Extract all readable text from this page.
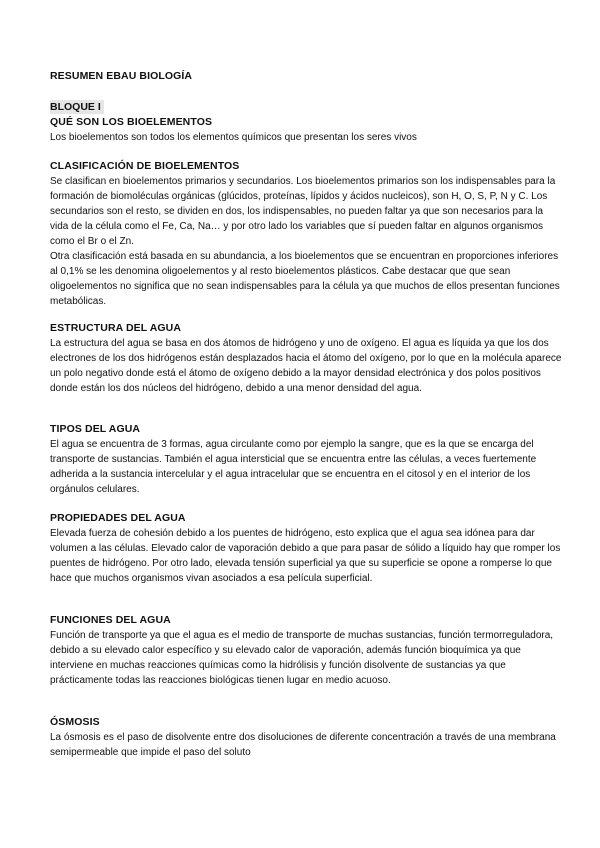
RESUMEN EBAU BIOLOGÍA
BLOQUE I
QUÉ SON LOS BIOELEMENTOS

Los bioelementos son todos los elementos químicos que presentan los seres vivos

CLASIFICACIÓN DE BIOELEMENTOS

Se clasifican en bioelementos primarios y secundarios. Los bioelementos primarios son los indispensables para la formación de biomoléculas orgánicas (glúcidos, proteínas, lípidos y ácidos nucleicos), son H, O, S, P, N y C. Los secundarios son el resto, se dividen en dos, los indispensables, no pueden faltar ya que son necesarios para la vida de la célula como el Fe, Ca, Na… y por otro lado los variables que sí pueden faltar en algunos organismos como el Br o el Zn.

Otra clasificación está basada en su abundancia, a los bioelementos que se encuentran en proporciones inferiores al 0,1% se les denomina oligoelementos y al resto bioelementos plásticos. Cabe destacar que que sean oligoelementos no significa que no sean indispensables para la célula ya que muchos de ellos presentan funciones metabólicas.

ESTRUCTURA DEL AGUA

La estructura del agua se basa en dos átomos de hidrógeno y uno de oxígeno. El agua es líquida ya que los dos electrones de los dos hidrógenos están desplazados hacia el átomo del oxígeno, por lo que en la molécula aparece un polo negativo donde está el átomo de oxígeno debido a la mayor densidad electrónica y dos polos positivos donde están los dos núcleos del hidrógeno, debido a una menor densidad del agua.

TIPOS DEL AGUA

El agua se encuentra de 3 formas, agua circulante como por ejemplo la sangre, que es la que se encarga del transporte de sustancias. También el agua intersticial que se encuentra entre las células, a veces fuertemente adherida a la sustancia intercelular y el agua intracelular que se encuentra en el citosol y en el interior de los orgánulos celulares.

PROPIEDADES DEL AGUA

Elevada fuerza de cohesión debido a los puentes de hidrógeno, esto explica que el agua sea idónea para dar volumen a las células. Elevado calor de vaporación debido a que para pasar de sólido a líquido hay que romper los puentes de hidrógeno. Por otro lado, elevada tensión superficial ya que su superficie se opone a romperse lo que hace que muchos organismos vivan asociados a esa película superficial.

FUNCIONES DEL AGUA

Función de transporte ya que el agua es el medio de transporte de muchas sustancias, función termorreguladora, debido a su elevado calor específico y su elevado calor de vaporación, además función bioquímica ya que interviene en muchas reacciones químicas como la hidrólisis y función disolvente de sustancias ya que prácticamente todas las reacciones biológicas tienen lugar en medio acuoso.

ÓSMOSIS

La ósmosis es el paso de disolvente entre dos disoluciones de diferente concentración a través de una membrana semipermeable que impide el paso del soluto
